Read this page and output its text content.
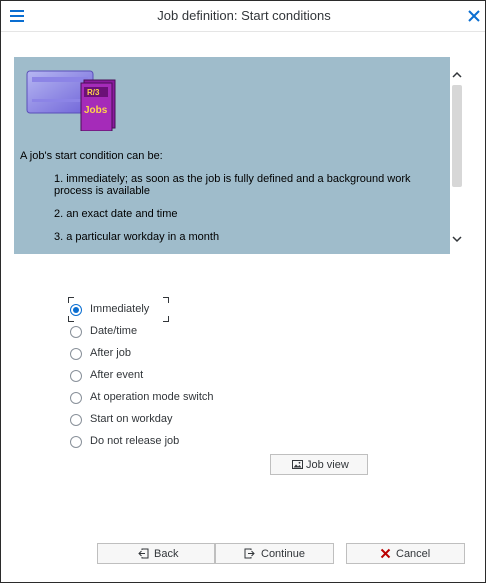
Job definition: Start conditions
R/3
Jobs
A job's start condition can be:
1. immediately; as soon as the job is fully defined and a background work process is available
2. an exact date and time
3. a particular workday in a month
Immediately
Date/time
After job
After event
At operation mode switch
Start on workday
Do not release job
Job view
Back	Continue	Cancel
